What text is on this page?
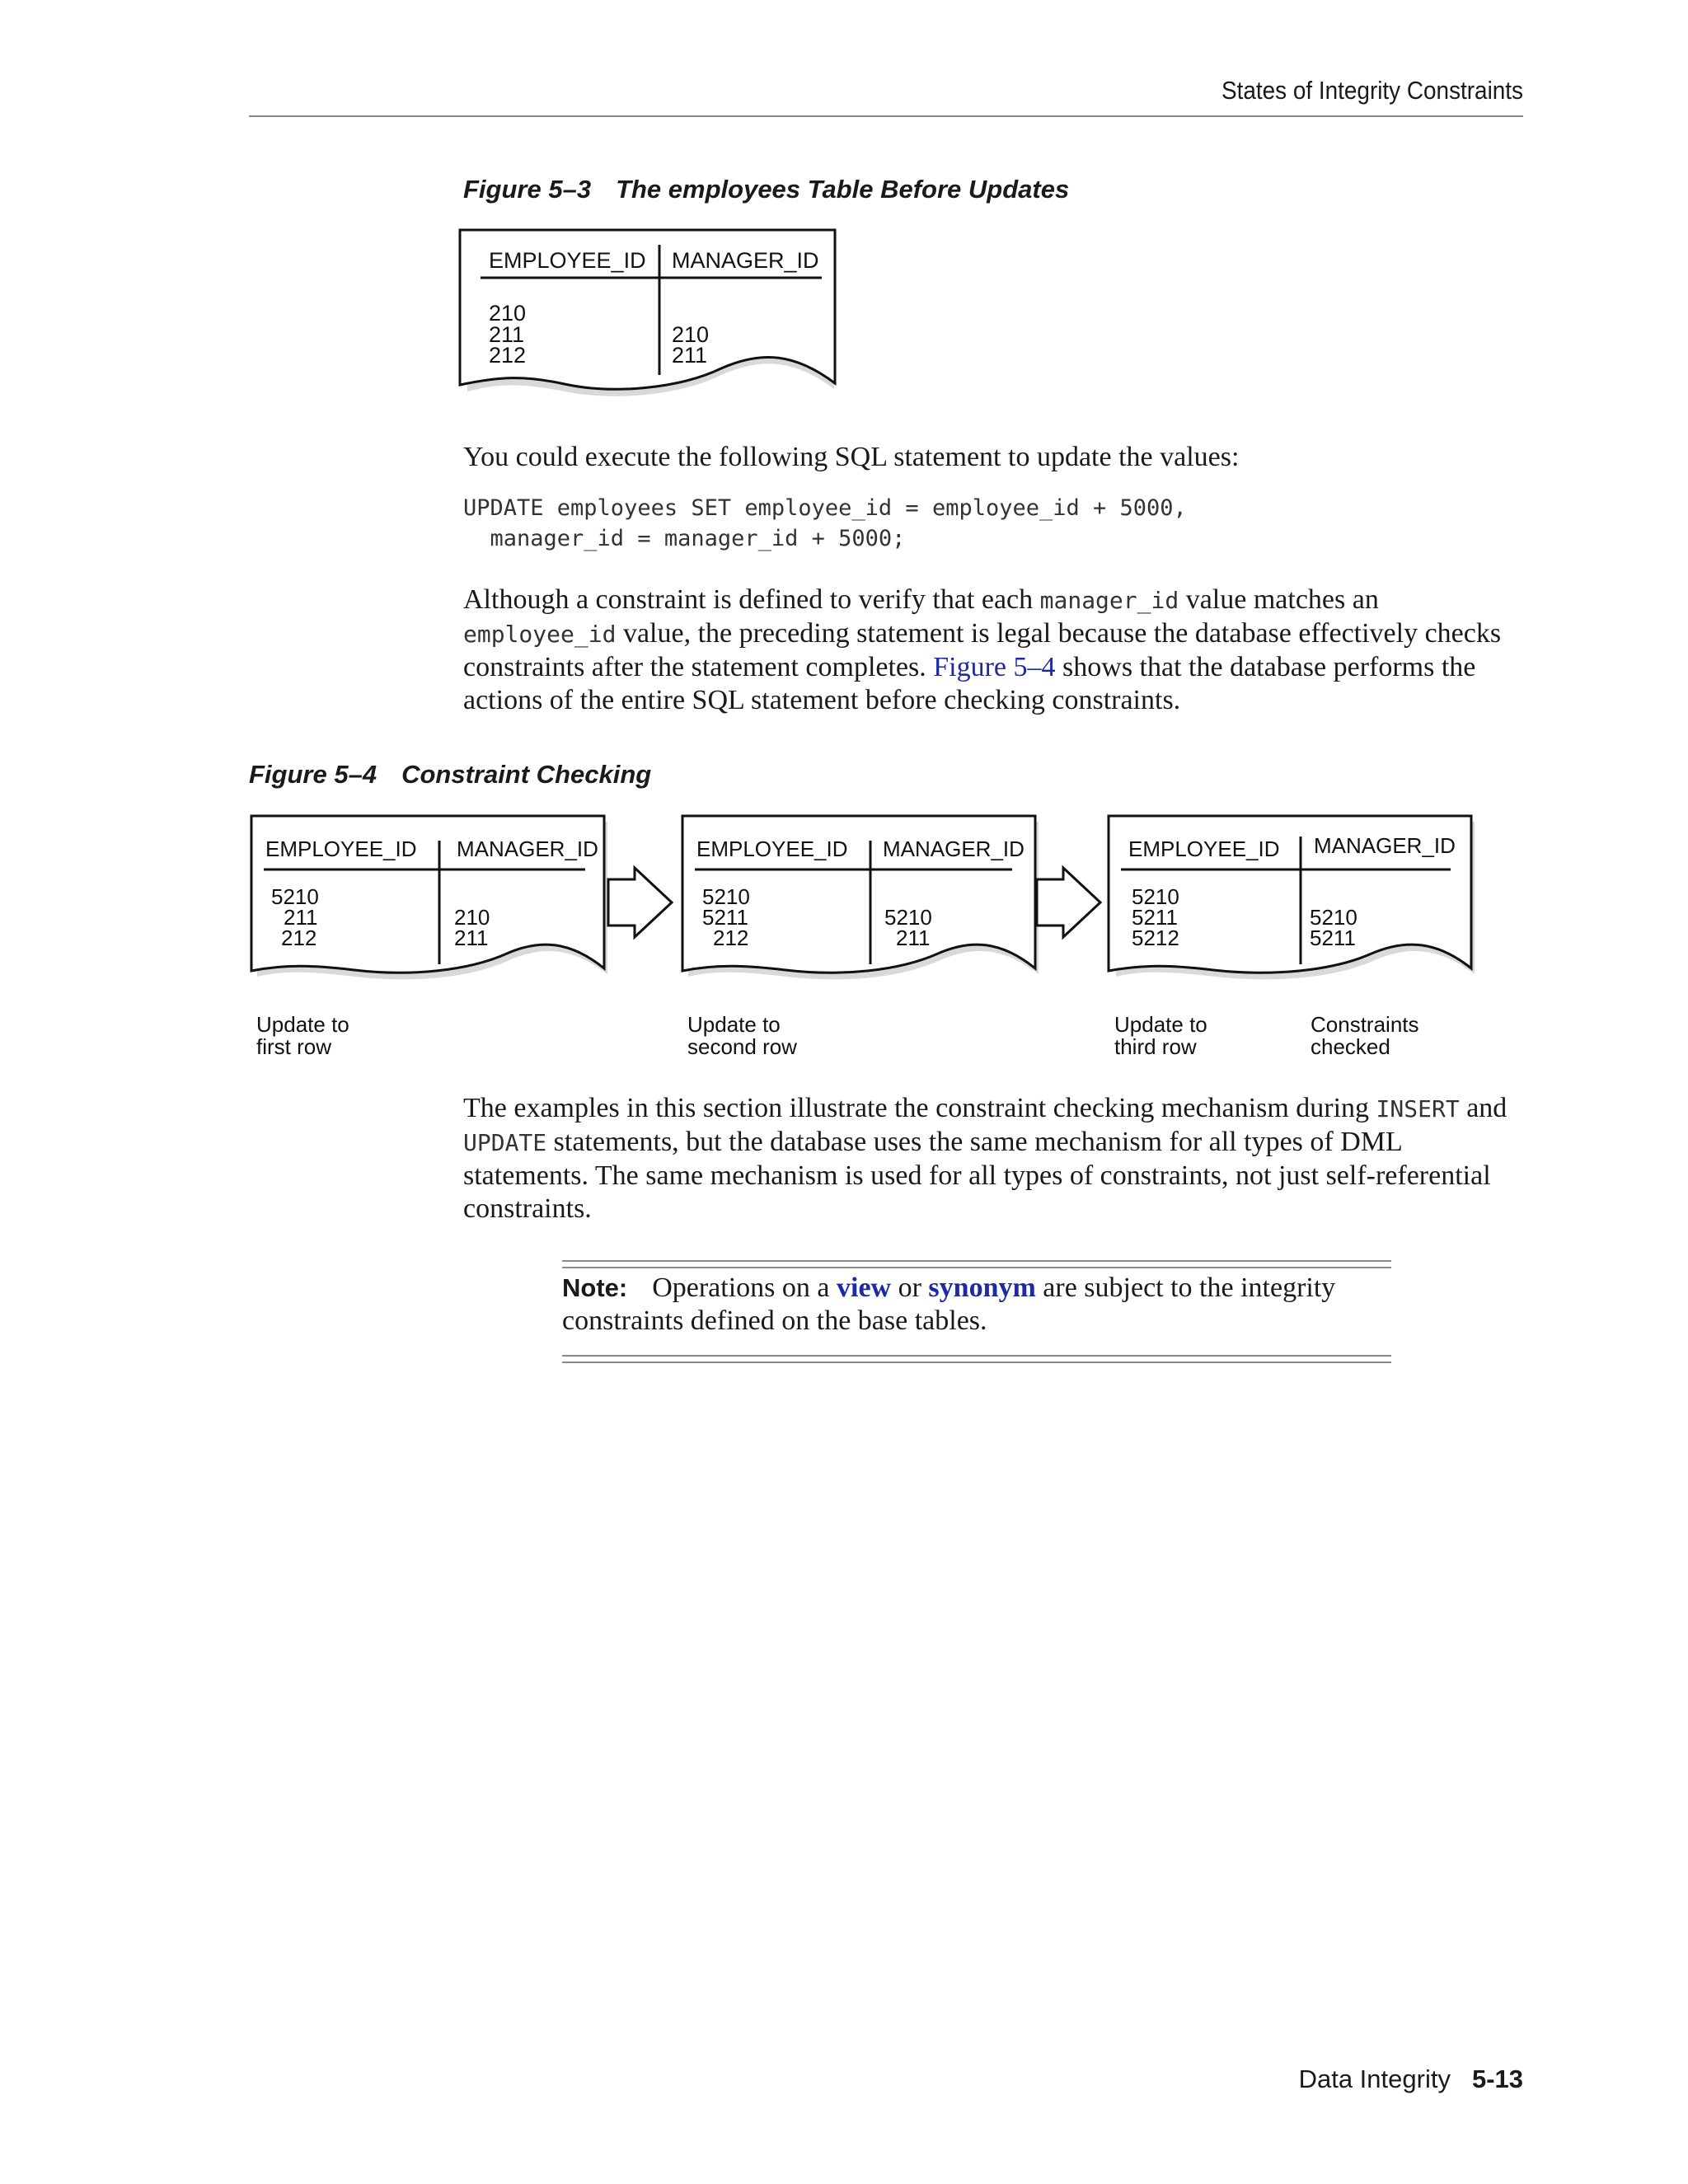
States of Integrity Constraints
Figure 5–3 The employees Table Before Updates
EMPLOYEE_ID MANAGER_ID
210
211
212
210
211
You could execute the following SQL statement to update the values:
UPDATE employees SET employee_id = employee_id + 5000,
manager_id = manager_id + 5000;
Although a constraint is defined to verify that each manager_id value matches an employee_id value, the preceding statement is legal because the database effectively checks constraints after the statement completes. Figure 5–4 shows that the database performs the actions of the entire SQL statement before checking constraints.
Figure 5–4 Constraint Checking
EMPLOYEE_ID MANAGER_ID
5210
211
212
210
211
EMPLOYEE_ID MANAGER_ID
5210
5211
212
5210
211
EMPLOYEE_ID MANAGER_ID
5210
5211
5212
5210
5211
Update to
first row
Update to
second row
Update to
third row
Constraints
checked
The examples in this section illustrate the constraint checking mechanism during INSERT and UPDATE statements, but the database uses the same mechanism for all types of DML statements. The same mechanism is used for all types of constraints, not just self-referential constraints.
Note: Operations on a view or synonym are subject to the integrity constraints defined on the base tables.
Data Integrity 5-13
